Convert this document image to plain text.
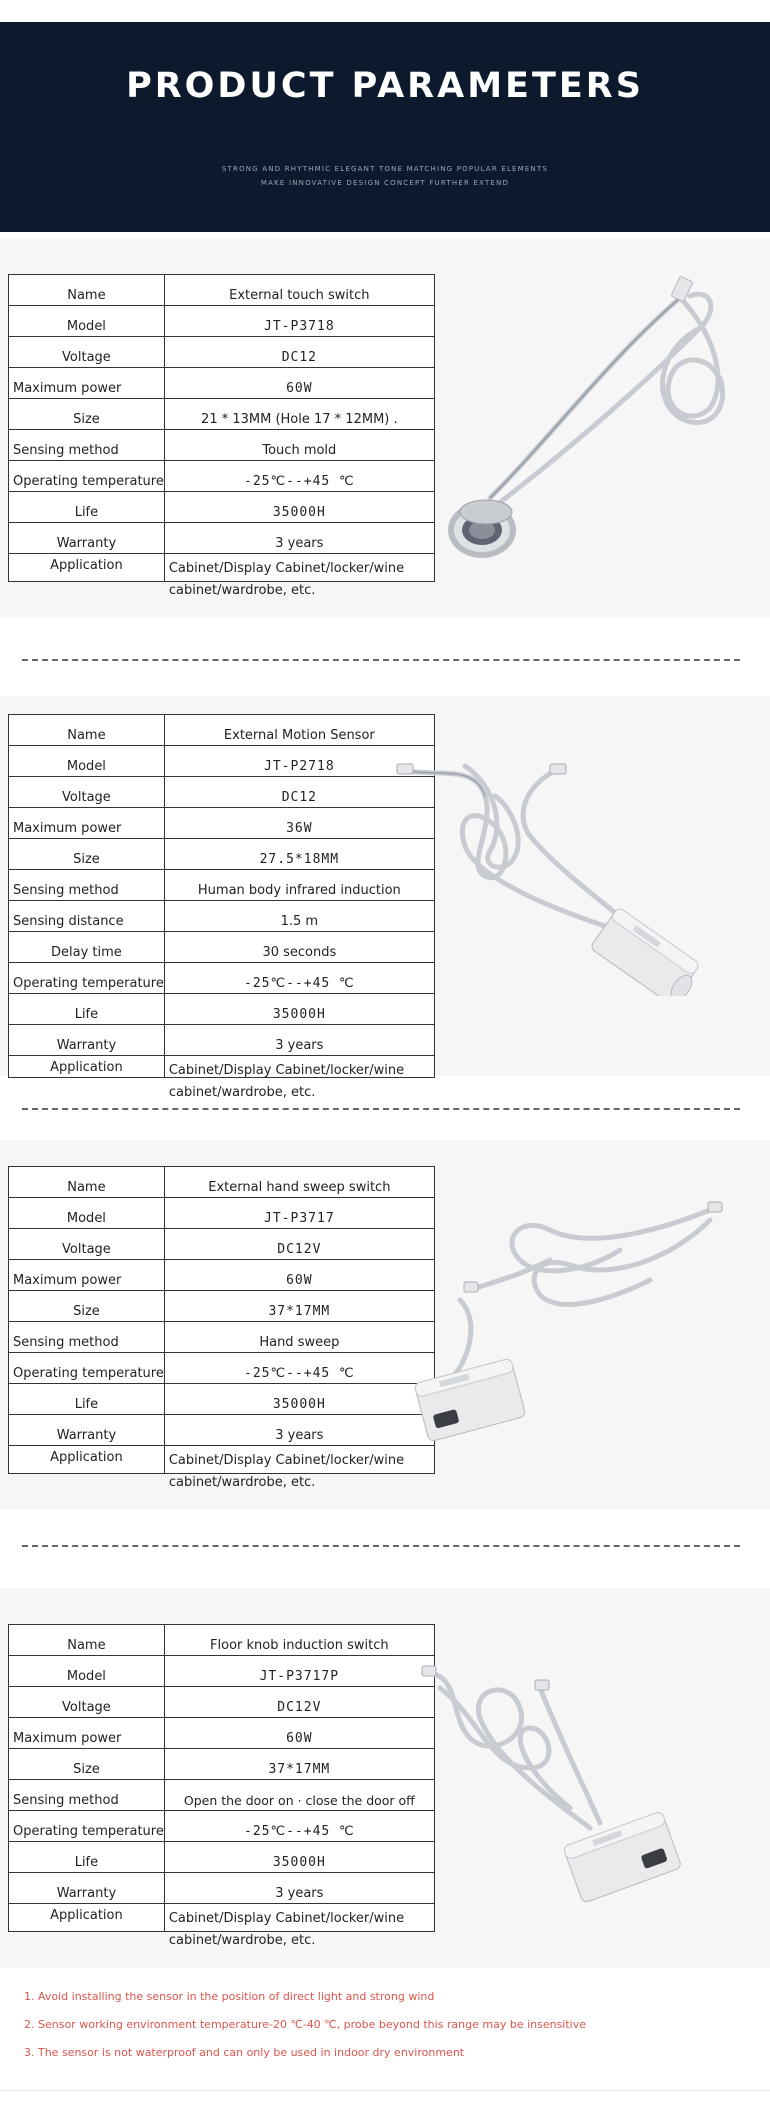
PRODUCT PARAMETERS
STRONG AND RHYTHMIC ELEGANT TONE MATCHING POPULAR ELEMENTS
MAKE INNOVATIVE DESIGN CONCEPT FURTHER EXTEND
Name	External touch switch
Model	JT-P3718
Voltage	DC12
Maximum power	60W
Size	21 * 13MM (Hole 17 * 12MM) .
Sensing method	Touch mold
Operating temperature	-25℃--+45 ℃
Life	35000H
Warranty	3 years
Application	Cabinet/Display Cabinet/locker/wine cabinet/wardrobe, etc.
Name	External Motion Sensor
Model	JT-P2718
Voltage	DC12
Maximum power	36W
Size	27.5*18MM
Sensing method	Human body infrared induction
Sensing distance	1.5 m
Delay time	30 seconds
Operating temperature	-25℃--+45 ℃
Life	35000H
Warranty	3 years
Application	Cabinet/Display Cabinet/locker/wine cabinet/wardrobe, etc.
Name	External hand sweep switch
Model	JT-P3717
Voltage	DC12V
Maximum power	60W
Size	37*17MM
Sensing method	Hand sweep
Operating temperature	-25℃--+45 ℃
Life	35000H
Warranty	3 years
Application	Cabinet/Display Cabinet/locker/wine cabinet/wardrobe, etc.
Name	Floor knob induction switch
Model	JT-P3717P
Voltage	DC12V
Maximum power	60W
Size	37*17MM
Sensing method	Open the door on · close the door off
Operating temperature	-25℃--+45 ℃
Life	35000H
Warranty	3 years
Application	Cabinet/Display Cabinet/locker/wine cabinet/wardrobe, etc.
1. Avoid installing the sensor in the position of direct light and strong wind
2. Sensor working environment temperature-20 ℃-40 ℃, probe beyond this range may be insensitive
3. The sensor is not waterproof and can only be used in indoor dry environment
